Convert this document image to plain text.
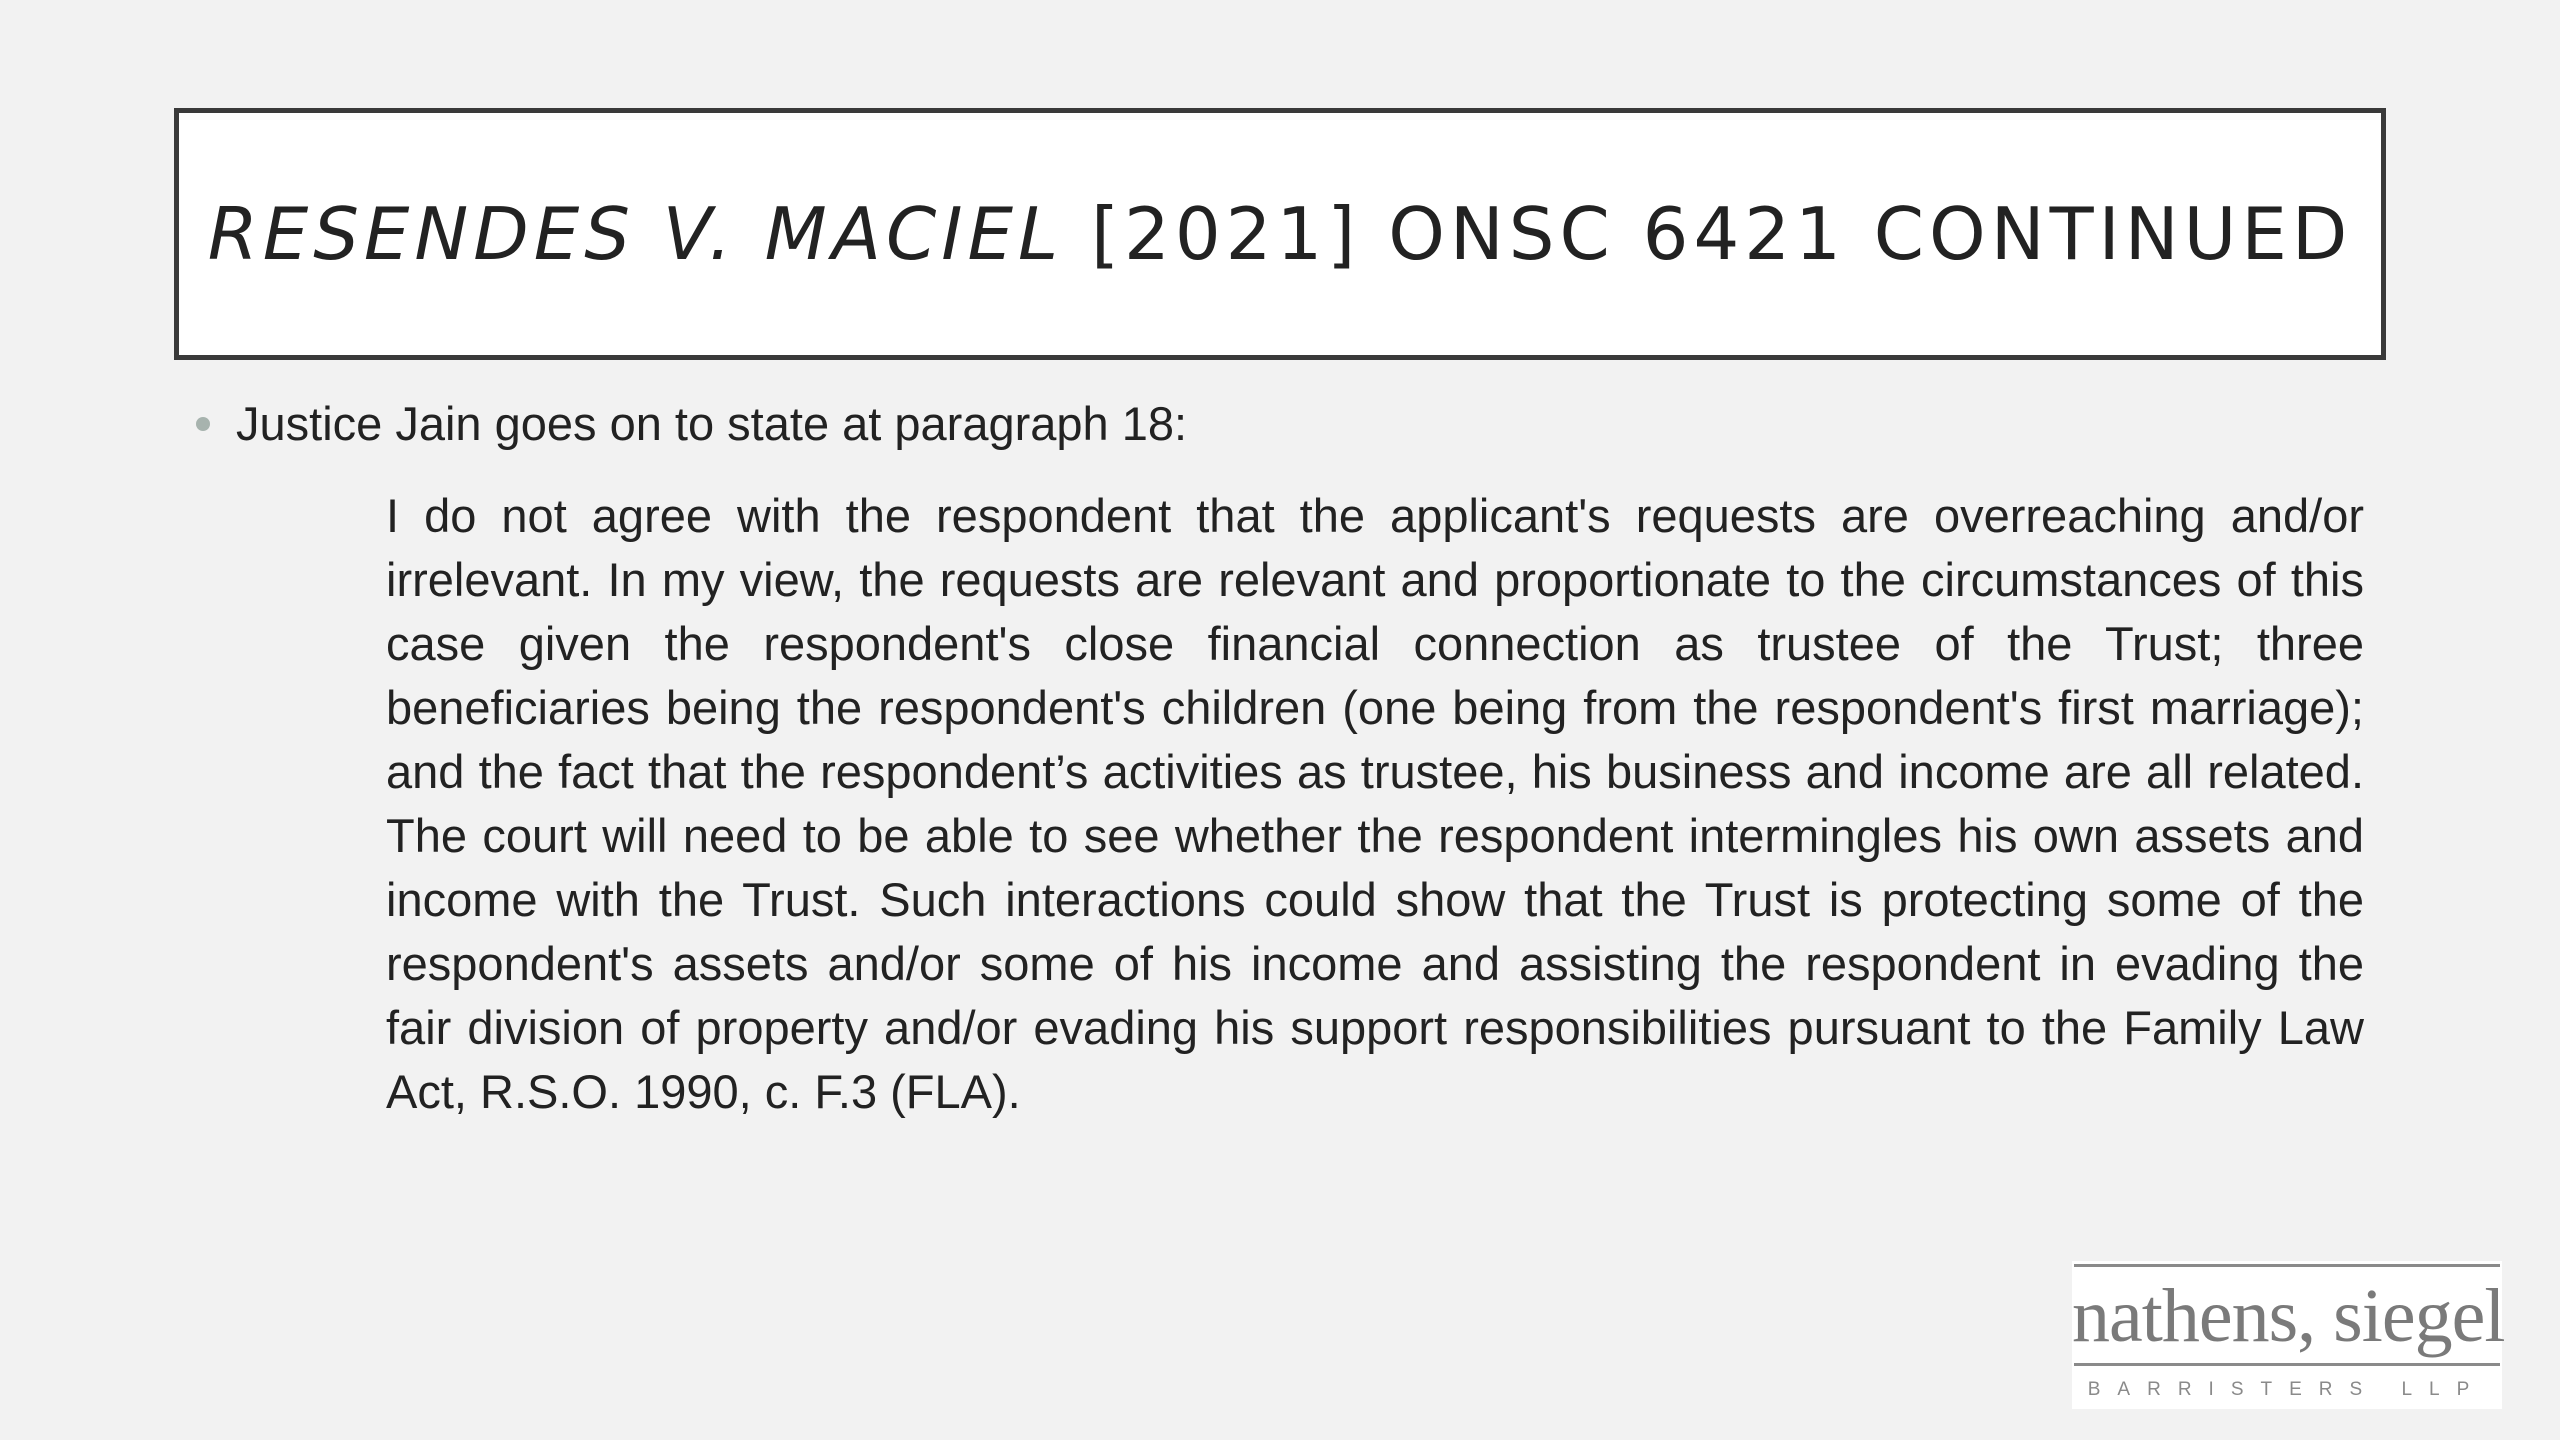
RESENDES V. MACIEL [2021] ONSC 6421 CONTINUED
Justice Jain goes on to state at paragraph 18:

I do not agree with the respondent that the applicant's requests are overreaching and/or irrelevant. In my view, the requests are relevant and proportionate to the circumstances of this case given the respondent's close financial connection as trustee of the Trust; three beneficiaries being the respondent's children (one being from the respondent's first marriage); and the fact that the respondent’s activities as trustee, his business and income are all related. The court will need to be able to see whether the respondent intermingles his own assets and income with the Trust. Such interactions could show that the Trust is protecting some of the respondent's assets and/or some of his income and assisting the respondent in evading the fair division of property and/or evading his support responsibilities pursuant to the Family Law Act, R.S.O. 1990, c. F.3 (FLA).

nathens, siegel
BARRISTERS LLP
